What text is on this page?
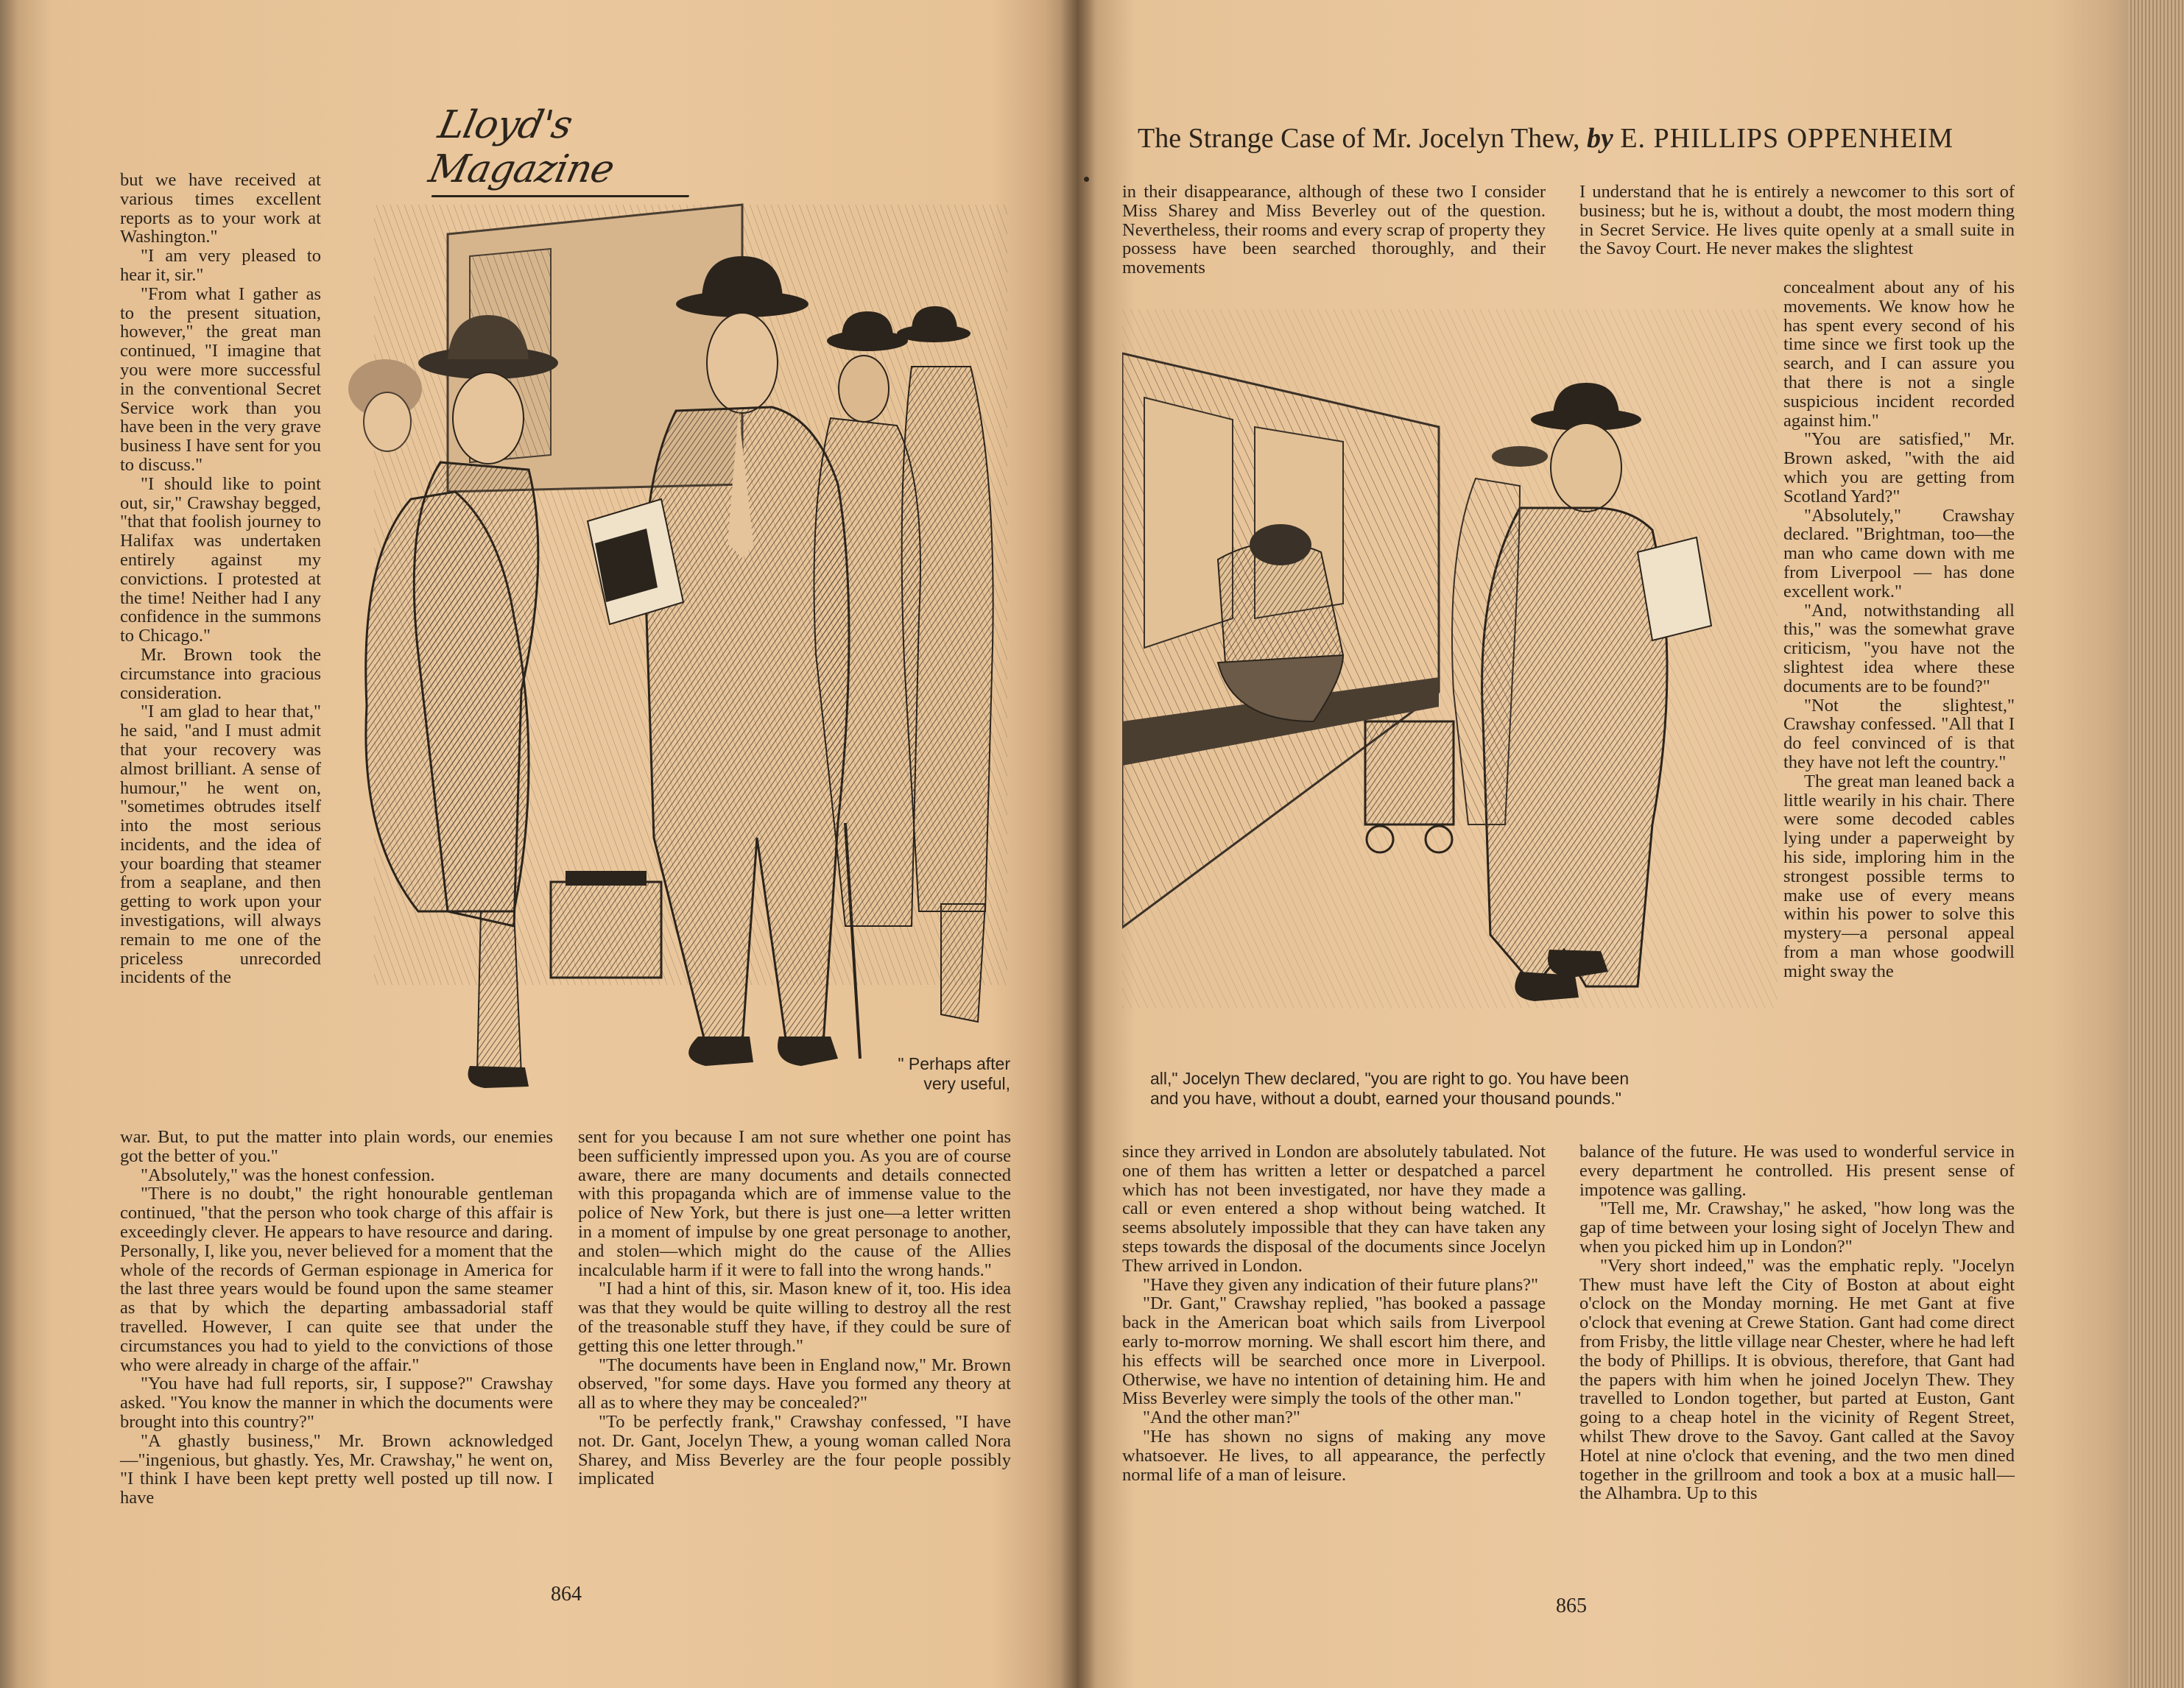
Lloyd's Magazine

but we have received at various times excellent reports as to your work at Washington."

"I am very pleased to hear it, sir."

"From what I gather as to the present situation, however," the great man continued, "I imagine that you were more successful in the conventional Secret Service work than you have been in the very grave business I have sent for you to discuss."

"I should like to point out, sir," Crawshay begged, "that that foolish journey to Halifax was undertaken entirely against my convictions. I protested at the time! Neither had I any confidence in the summons to Chicago."

Mr. Brown took the circumstance into gracious consideration.

"I am glad to hear that," he said, "and I must admit that your recovery was almost brilliant. A sense of humour," he went on, "sometimes obtrudes itself into the most serious incidents, and the idea of your boarding that steamer from a seaplane, and then getting to work upon your investigations, will always remain to me one of the priceless unrecorded incidents of the

" Perhaps after
very useful,

war. But, to put the matter into plain words, our enemies got the better of you."

"Absolutely," was the honest confession.

"There is no doubt," the right honourable gentleman continued, "that the person who took charge of this affair is exceedingly clever. He appears to have resource and daring. Personally, I, like you, never believed for a moment that the whole of the records of German espionage in America for the last three years would be found upon the same steamer as that by which the departing ambassadorial staff travelled. However, I can quite see that under the circumstances you had to yield to the convictions of those who were already in charge of the affair."

"You have had full reports, sir, I suppose?" Crawshay asked. "You know the manner in which the documents were brought into this country?"

"A ghastly business," Mr. Brown acknowledged—"ingenious, but ghastly. Yes, Mr. Crawshay," he went on, "I think I have been kept pretty well posted up till now. I have

sent for you because I am not sure whether one point has been sufficiently impressed upon you. As you are of course aware, there are many documents and details connected with this propaganda which are of immense value to the police of New York, but there is just one—a letter written in a moment of impulse by one great personage to another, and stolen—which might do the cause of the Allies incalculable harm if it were to fall into the wrong hands."

"I had a hint of this, sir. Mason knew of it, too. His idea was that they would be quite willing to destroy all the rest of the treasonable stuff they have, if they could be sure of getting this one letter through."

"The documents have been in England now," Mr. Brown observed, "for some days. Have you formed any theory at all as to where they may be concealed?"

"To be perfectly frank," Crawshay confessed, "I have not. Dr. Gant, Jocelyn Thew, a young woman called Nora Sharey, and Miss Beverley are the four people possibly implicated

864
The Strange Case of Mr. Jocelyn Thew, by E. PHILLIPS OPPENHEIM

in their disappearance, although of these two I consider Miss Sharey and Miss Beverley out of the question. Nevertheless, their rooms and every scrap of property they possess have been searched thoroughly, and their movements

I understand that he is entirely a newcomer to this sort of business; but he is, without a doubt, the most modern thing in Secret Service. He lives quite openly at a small suite in the Savoy Court. He never makes the slightest

concealment about any of his movements. We know how he has spent every second of his time since we first took up the search, and I can assure you that there is not a single suspicious incident recorded against him."

"You are satisfied," Mr. Brown asked, "with the aid which you are getting from Scotland Yard?"

"Absolutely," Crawshay declared. "Brightman, too—the man who came down with me from Liverpool — has done excellent work."

"And, notwithstanding all this," was the somewhat grave criticism, "you have not the slightest idea where these documents are to be found?"

"Not the slightest," Crawshay confessed. "All that I do feel convinced of is that they have not left the country."

The great man leaned back a little wearily in his chair. There were some decoded cables lying under a paperweight by his side, imploring him in the strongest possible terms to make use of every means within his power to solve this mystery—a personal appeal from a man whose goodwill might sway the

all," Jocelyn Thew declared, "you are right to go. You have been
and you have, without a doubt, earned your thousand pounds."

since they arrived in London are absolutely tabulated. Not one of them has written a letter or despatched a parcel which has not been investigated, nor have they made a call or even entered a shop without being watched. It seems absolutely impossible that they can have taken any steps towards the disposal of the documents since Jocelyn Thew arrived in London.

"Have they given any indication of their future plans?"

"Dr. Gant," Crawshay replied, "has booked a passage back in the American boat which sails from Liverpool early to-morrow morning. We shall escort him there, and his effects will be searched once more in Liverpool. Otherwise, we have no intention of detaining him. He and Miss Beverley were simply the tools of the other man."

"And the other man?"

"He has shown no signs of making any move whatsoever. He lives, to all appearance, the perfectly normal life of a man of leisure.

balance of the future. He was used to wonderful service in every department he controlled. His present sense of impotence was galling.

"Tell me, Mr. Crawshay," he asked, "how long was the gap of time between your losing sight of Jocelyn Thew and when you picked him up in London?"

"Very short indeed," was the emphatic reply. "Jocelyn Thew must have left the City of Boston at about eight o'clock on the Monday morning. He met Gant at five o'clock that evening at Crewe Station. Gant had come direct from Frisby, the little village near Chester, where he had left the body of Phillips. It is obvious, therefore, that Gant had the papers with him when he joined Jocelyn Thew. They travelled to London together, but parted at Euston, Gant going to a cheap hotel in the vicinity of Regent Street, whilst Thew drove to the Savoy. Gant called at the Savoy Hotel at nine o'clock that evening, and the two men dined together in the grillroom and took a box at a music hall—the Alhambra. Up to this

865
